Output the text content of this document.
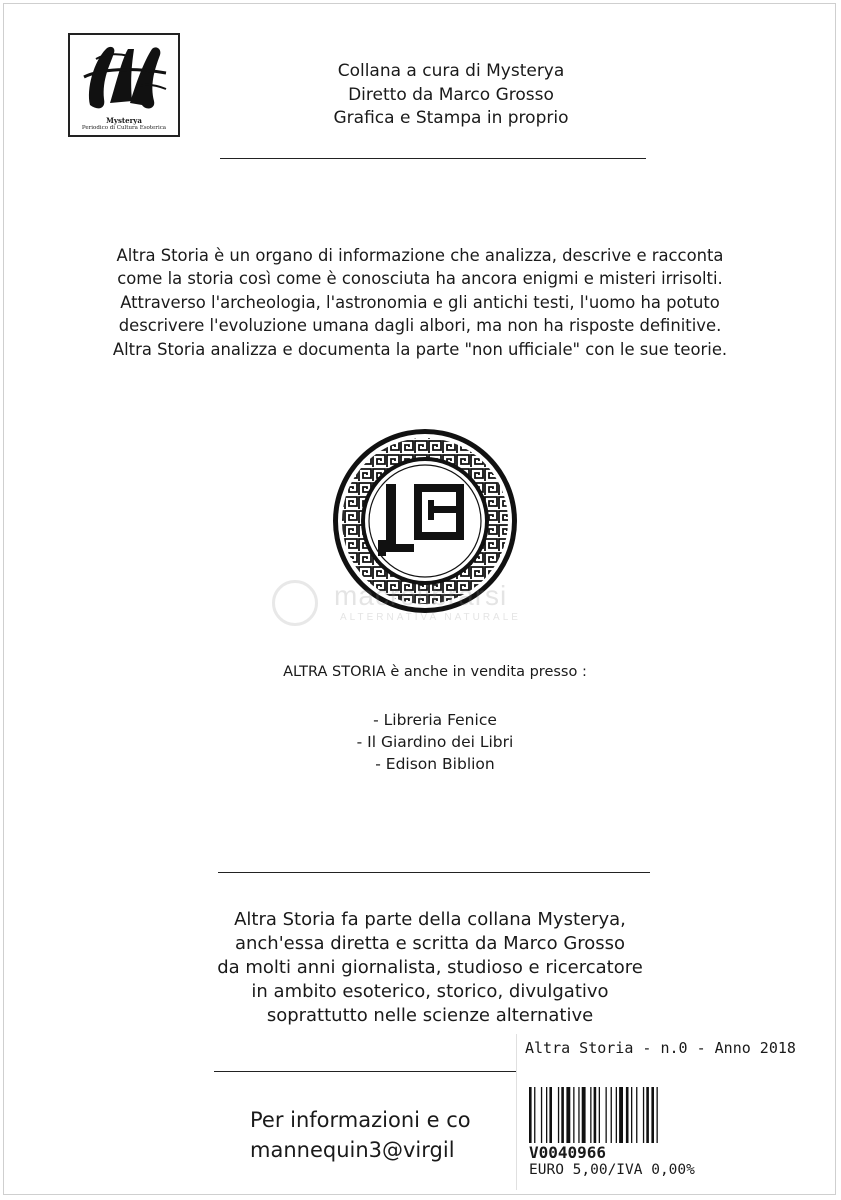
Mysterya
Periodico di Cultura Esoterica
Collana a cura di Mysterya
Diretto da Marco Grosso
Grafica e Stampa in proprio
Altra Storia è un organo di informazione che analizza, descrive e racconta
come la storia così come è conosciuta ha ancora enigmi e misteri irrisolti.
Attraverso l'archeologia, l'astronomia e gli antichi testi, l'uomo ha potuto
descrivere l'evoluzione umana dagli albori, ma non ha risposte definitive.
Altra Storia analizza e documenta la parte "non ufficiale" con le sue teorie.
macrolibrarsi
ALTERNATIVA NATURALE
ALTRA STORIA è anche in vendita presso :
- Libreria Fenice
- Il Giardino dei Libri
- Edison Biblion
Altra Storia fa parte della collana Mysterya,
anch'essa diretta e scritta da Marco Grosso
da molti anni giornalista, studioso e ricercatore
in ambito esoterico, storico, divulgativo
soprattutto nelle scienze alternative
Per informazioni e co
mannequin3@virgil
Altra Storia - n.0 - Anno 2018
V0040966
EURO 5,00/IVA 0,00%
